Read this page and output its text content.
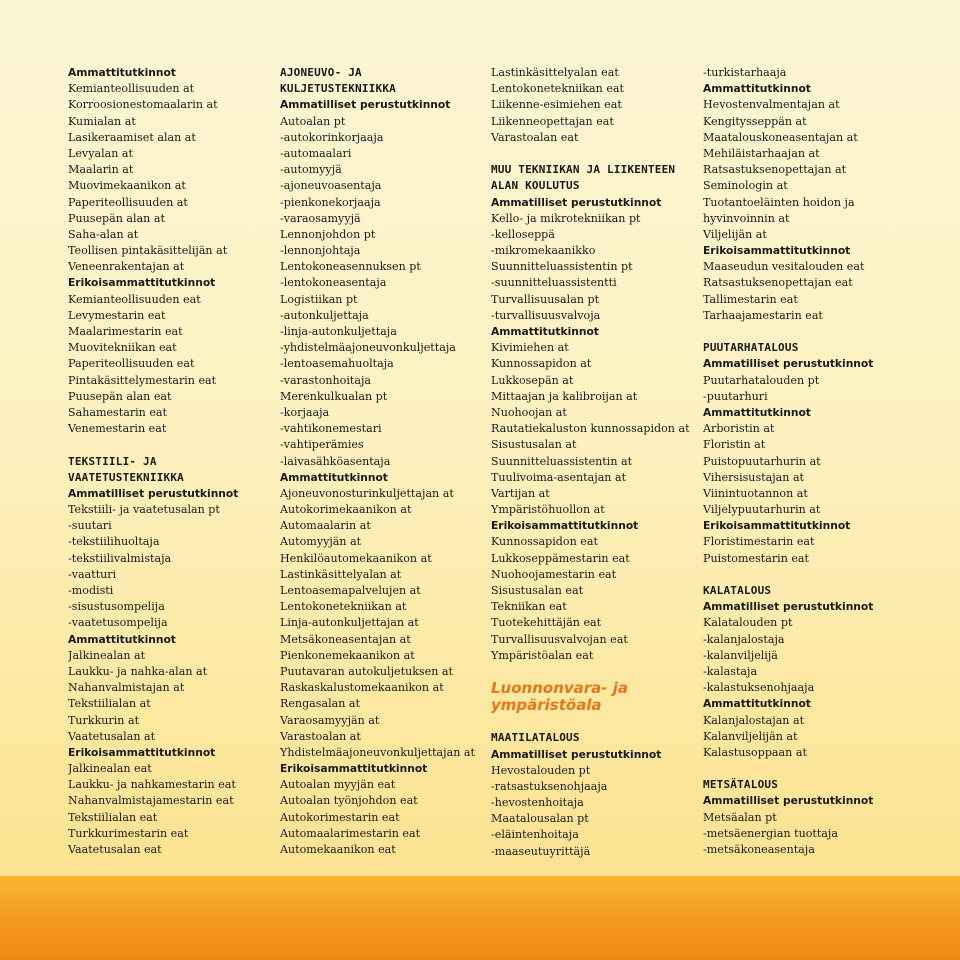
Ammattitutkinnot
Kemianteollisuuden at
Korroosionestomaalarin at
Kumialan at
Lasikeraamiset alan at
Levyalan at
Maalarin at
Muovimekaanikon at
Paperiteollisuuden at
Puusepän alan at
Saha-alan at
Teollisen pintakäsittelijän at
Veneenrakentajan at
Erikoisammattitutkinnot
Kemianteollisuuden eat
Levymestarin eat
Maalarimestarin eat
Muovitekniikan eat
Paperiteollisuuden eat
Pintakäsittelymestarin eat
Puusepän alan eat
Sahamestarin eat
Venemestarin eat
TEKSTIILI- JA
VAATETUSTEKNIIKKA
Ammatilliset perustutkinnot
Tekstiili- ja vaatetusalan pt
-suutari
-tekstiilihuoltaja
-tekstiilivalmistaja
-vaatturi
-modisti
-sisustusompelija
-vaatetusompelija
Ammattitutkinnot
Jalkinealan at
Laukku- ja nahka-alan at
Nahanvalmistajan at
Tekstiilialan at
Turkkurin at
Vaatetusalan at
Erikoisammattitutkinnot
Jalkinealan eat
Laukku- ja nahkamestarin eat
Nahanvalmistajamestarin eat
Tekstiilialan eat
Turkkurimestarin eat
Vaatetusalan eat
AJONEUVO- JA
KULJETUSTEKNIIKKA
Ammatilliset perustutkinnot
Autoalan pt
-autokorinkorjaaja
-automaalari
-automyyjä
-ajoneuvoasentaja
-pienkonekorjaaja
-varaosamyyjä
Lennonjohdon pt
-lennonjohtaja
Lentokoneasennuksen pt
-lentokoneasentaja
Logistiikan pt
-autonkuljettaja
-linja-autonkuljettaja
-yhdistelmäajoneuvonkuljettaja
-lentoasemahuoltaja
-varastonhoitaja
Merenkulkualan pt
-korjaaja
-vahtikonemestari
-vahtiperämies
-laivasähköasentaja
Ammattitutkinnot
Ajoneuvonosturinkuljettajan at
Autokorimekaanikon at
Automaalarin at
Automyyjän at
Henkilöautomekaanikon at
Lastinkäsittelyalan at
Lentoasemapalvelujen at
Lentokonetekniikan at
Linja-autonkuljettajan at
Metsäkoneasentajan at
Pienkonemekaanikon at
Puutavaran autokuljetuksen at
Raskaskalustomekaanikon at
Rengasalan at
Varaosamyyjän at
Varastoalan at
Yhdistelmäajoneuvonkuljettajan at
Erikoisammattitutkinnot
Autoalan myyjän eat
Autoalan työnjohdon eat
Autokorimestarin eat
Automaalarimestarin eat
Automekaanikon eat
Lastinkäsittelyalan eat
Lentokonetekniikan eat
Liikenne-esimiehen eat
Liikenneopettajan eat
Varastoalan eat
MUU TEKNIIKAN JA LIIKENTEEN
ALAN KOULUTUS
Ammatilliset perustutkinnot
Kello- ja mikrotekniikan pt
-kelloseppä
-mikromekaanikko
Suunnitteluassistentin pt
-suunnitteluassistentti
Turvallisuusalan pt
-turvallisuusvalvoja
Ammattitutkinnot
Kivimiehen at
Kunnossapidon at
Lukkosepän at
Mittaajan ja kalibroijan at
Nuohoojan at
Rautatiekaluston kunnossapidon at
Sisustusalan at
Suunnitteluassistentin at
Tuulivoima-asentajan at
Vartijan at
Ympäristöhuollon at
Erikoisammattitutkinnot
Kunnossapidon eat
Lukkoseppämestarin eat
Nuohoojamestarin eat
Sisustusalan eat
Tekniikan eat
Tuotekehittäjän eat
Turvallisuusvalvojan eat
Ympäristöalan eat
Luonnonvara- ja
ympäristöala
MAATILATALOUS
Ammatilliset perustutkinnot
Hevostalouden pt
-ratsastuksenohjaaja
-hevostenhoitaja
Maatalousalan pt
-eläintenhoitaja
-maaseutuyrittäjä
-turkistarhaaja
Ammattitutkinnot
Hevostenvalmentajan at
Kengitysseppän at
Maatalouskoneasentajan at
Mehiläistarhaajan at
Ratsastuksenopettajan at
Seminologin at
Tuotantoeläinten hoidon ja
hyvinvoinnin at
Viljelijän at
Erikoisammattitutkinnot
Maaseudun vesitalouden eat
Ratsastuksenopettajan eat
Tallimestarin eat
Tarhaajamestarin eat
PUUTARHATALOUS
Ammatilliset perustutkinnot
Puutarhatalouden pt
-puutarhuri
Ammattitutkinnot
Arboristin at
Floristin at
Puistopuutarhurin at
Vihersisustajan at
Viinintuotannon at
Viljelypuutarhurin at
Erikoisammattitutkinnot
Floristimestarin eat
Puistomestarin eat
KALATALOUS
Ammatilliset perustutkinnot
Kalatalouden pt
-kalanjalostaja
-kalanviljelijä
-kalastaja
-kalastuksenohjaaja
Ammattitutkinnot
Kalanjalostajan at
Kalanviljelijän at
Kalastusoppaan at
METSÄTALOUS
Ammatilliset perustutkinnot
Metsäalan pt
-metsäenergian tuottaja
-metsäkoneasentaja
